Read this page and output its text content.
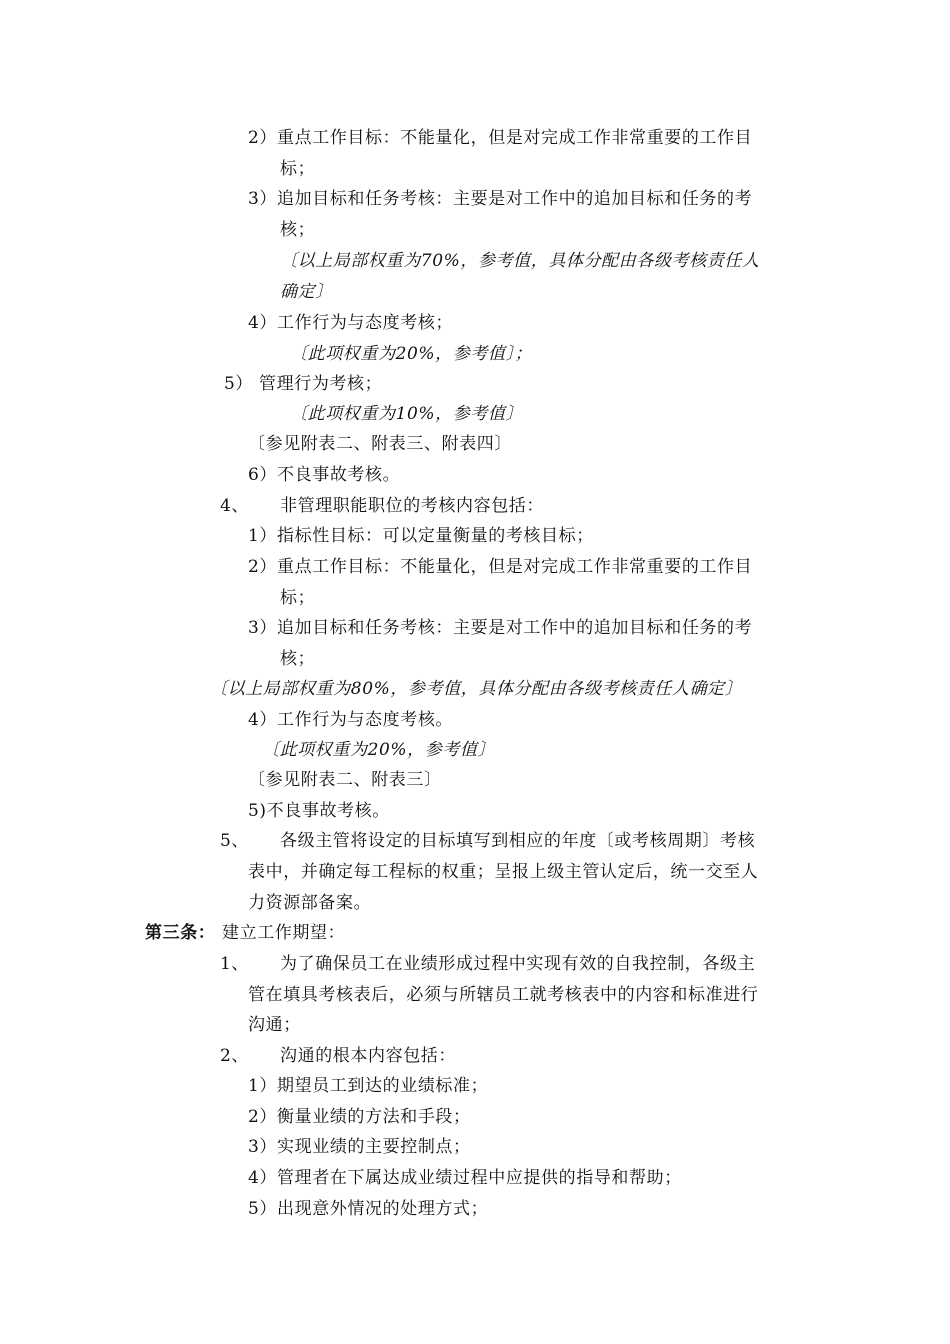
2）重点工作目标：不能量化，但是对完成工作非常重要的工作目
标；
3）追加目标和任务考核：主要是对工作中的追加目标和任务的考
核；
〔以上局部权重为70%，参考值，具体分配由各级考核责任人
确定〕
4）工作行为与态度考核；
〔此项权重为20%，参考值〕；
5） 管理行为考核；
〔此项权重为10%，参考值〕
〔参见附表二、附表三、附表四〕
6）不良事故考核。
4、 非管理职能职位的考核内容包括：
1）指标性目标：可以定量衡量的考核目标；
2）重点工作目标：不能量化，但是对完成工作非常重要的工作目
标；
3）追加目标和任务考核：主要是对工作中的追加目标和任务的考
核；
〔以上局部权重为80%，参考值，具体分配由各级考核责任人确定〕
4）工作行为与态度考核。
〔此项权重为20%，参考值〕
〔参见附表二、附表三〕
5)不良事故考核。
5、 各级主管将设定的目标填写到相应的年度〔或考核周期〕考核
表中，并确定每工程标的权重；呈报上级主管认定后，统一交至人
力资源部备案。
第三条： 建立工作期望：
1、 为了确保员工在业绩形成过程中实现有效的自我控制，各级主
管在填具考核表后，必须与所辖员工就考核表中的内容和标准进行
沟通；
2、 沟通的根本内容包括：
1）期望员工到达的业绩标准；
2）衡量业绩的方法和手段；
3）实现业绩的主要控制点；
4）管理者在下属达成业绩过程中应提供的指导和帮助；
5）出现意外情况的处理方式；
